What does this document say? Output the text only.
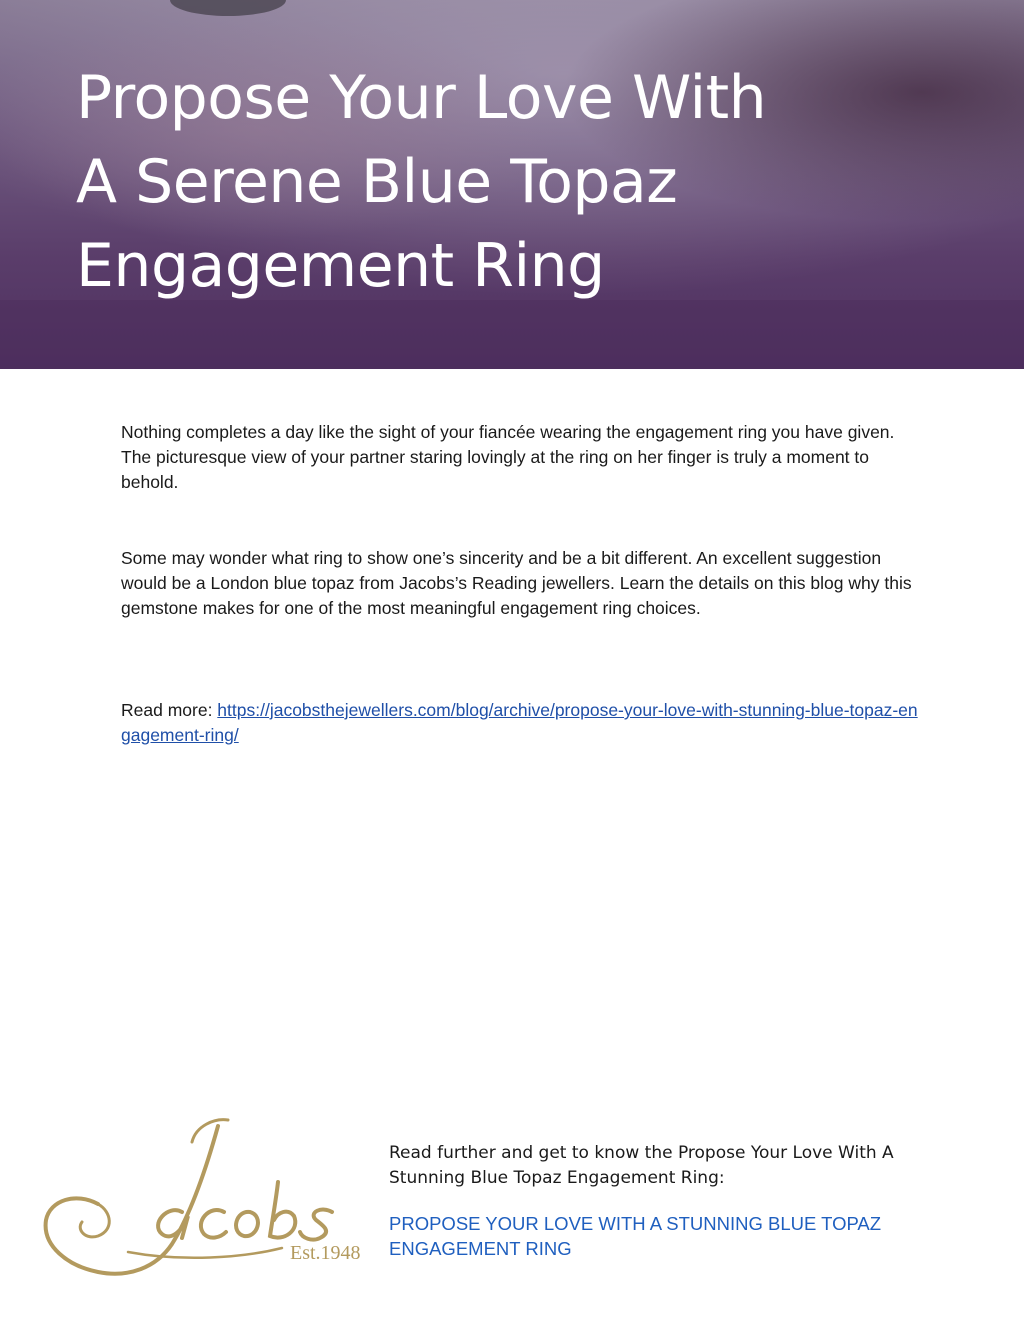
Propose Your Love With
A Serene Blue Topaz
Engagement Ring

Nothing completes a day like the sight of your fiancée wearing the engagement ring you have given. The picturesque view of your partner staring lovingly at the ring on her finger is truly a moment to behold.

Some may wonder what ring to show one’s sincerity and be a bit different. An excellent suggestion would be a London blue topaz from Jacobs’s Reading jewellers. Learn the details on this blog why this gemstone makes for one of the most meaningful engagement ring choices.

Read more: https://jacobsthejewellers.com/blog/archive/propose-your-love-with-stunning-blue-topaz-engagement-ring/

Est.1948

Read further and get to know the Propose Your Love With A Stunning Blue Topaz Engagement Ring:

PROPOSE YOUR LOVE WITH A STUNNING BLUE TOPAZ ENGAGEMENT RING
